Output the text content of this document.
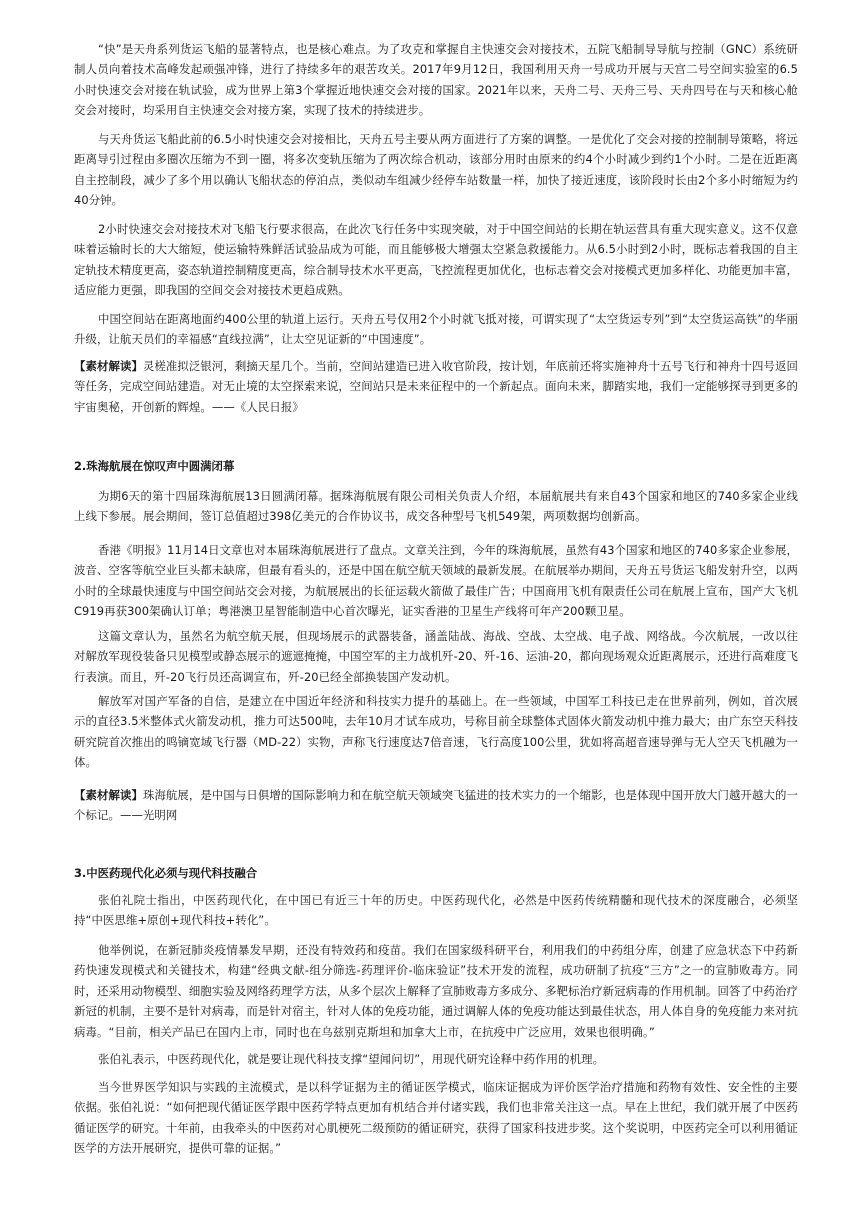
“快”是天舟系列货运飞船的显著特点，也是核心难点。为了攻克和掌握自主快速交会对接技术，五院飞船制导导航与控制（GNC）系统研制人员向着技术高峰发起顽强冲锋，进行了持续多年的艰苦攻关。2017年9月12日，我国利用天舟一号成功开展与天宫二号空间实验室的6.5小时快速交会对接在轨试验，成为世界上第3个掌握近地快速交会对接的国家。2021年以来，天舟二号、天舟三号、天舟四号在与天和核心舱交会对接时，均采用自主快速交会对接方案，实现了技术的持续进步。

与天舟货运飞船此前的6.5小时快速交会对接相比，天舟五号主要从两方面进行了方案的调整。一是优化了交会对接的控制制导策略，将远距离导引过程由多圈次压缩为不到一圈，将多次变轨压缩为了两次综合机动，该部分用时由原来的约4个小时减少到约1个小时。二是在近距离自主控制段，减少了多个用以确认飞船状态的停泊点，类似动车组减少经停车站数量一样，加快了接近速度，该阶段时长由2个多小时缩短为约40分钟。

2小时快速交会对接技术对飞船飞行要求很高，在此次飞行任务中实现突破，对于中国空间站的长期在轨运营具有重大现实意义。这不仅意味着运输时长的大大缩短，使运输特殊鲜活试验品成为可能，而且能够极大增强太空紧急救援能力。从6.5小时到2小时，既标志着我国的自主定轨技术精度更高，姿态轨道控制精度更高，综合制导技术水平更高，飞控流程更加优化，也标志着交会对接模式更加多样化、功能更加丰富，适应能力更强，即我国的空间交会对接技术更趋成熟。

中国空间站在距离地面约400公里的轨道上运行。天舟五号仅用2个小时就飞抵对接，可谓实现了“太空货运专列”到“太空货运高铁”的华丽升级，让航天员们的幸福感“直线拉满”，让太空见证新的“中国速度”。

【素材解读】灵槎准拟泛银河，剩摘天星几个。当前，空间站建造已进入收官阶段，按计划，年底前还将实施神舟十五号飞行和神舟十四号返回等任务，完成空间站建造。对无止境的太空探索来说，空间站只是未来征程中的一个新起点。面向未来，脚踏实地，我们一定能够探寻到更多的宇宙奥秘，开创新的辉煌。——《人民日报》

2.珠海航展在惊叹声中圆满闭幕

为期6天的第十四届珠海航展13日圆满闭幕。据珠海航展有限公司相关负责人介绍，本届航展共有来自43个国家和地区的740多家企业线上线下参展。展会期间，签订总值超过398亿美元的合作协议书，成交各种型号飞机549架，两项数据均创新高。

香港《明报》11月14日文章也对本届珠海航展进行了盘点。文章关注到，今年的珠海航展，虽然有43个国家和地区的740多家企业参展，波音、空客等航空业巨头都未缺席，但最有看头的，还是中国在航空航天领域的最新发展。在航展举办期间，天舟五号货运飞船发射升空，以两小时的全球最快速度与中国空间站交会对接，为航展展出的长征运载火箭做了最佳广告；中国商用飞机有限责任公司在航展上宣布，国产大飞机C919再获300架确认订单；粤港澳卫星智能制造中心首次曝光，证实香港的卫星生产线将可年产200颗卫星。

这篇文章认为，虽然名为航空航天展，但现场展示的武器装备，涵盖陆战、海战、空战、太空战、电子战、网络战。今次航展，一改以往对解放军现役装备只见模型或静态展示的遮遮掩掩，中国空军的主力战机歼-20、歼-16、运油-20，都向现场观众近距离展示，还进行高难度飞行表演。而且，歼-20飞行员还高调宣布，歼-20已经全部换装国产发动机。

解放军对国产军备的自信，是建立在中国近年经济和科技实力提升的基础上。在一些领域，中国军工科技已走在世界前列，例如，首次展示的直径3.5米整体式火箭发动机，推力可达500吨，去年10月才试车成功，号称目前全球整体式固体火箭发动机中推力最大；由广东空天科技研究院首次推出的鸣镝宽域飞行器（MD-22）实物，声称飞行速度达7倍音速，飞行高度100公里，犹如将高超音速导弹与无人空天飞机融为一体。

【素材解读】珠海航展，是中国与日俱增的国际影响力和在航空航天领域突飞猛进的技术实力的一个缩影，也是体现中国开放大门越开越大的一个标记。——光明网

3.中医药现代化必须与现代科技融合

张伯礼院士指出，中医药现代化，在中国已有近三十年的历史。中医药现代化，必然是中医药传统精髓和现代技术的深度融合，必须坚持“中医思维+原创+现代科技+转化”。

他举例说，在新冠肺炎疫情暴发早期，还没有特效药和疫苗。我们在国家级科研平台，利用我们的中药组分库，创建了应急状态下中药新药快速发现模式和关键技术，构建“经典文献-组分筛选-药理评价-临床验证”技术开发的流程，成功研制了抗疫“三方”之一的宣肺败毒方。同时，还采用动物模型、细胞实验及网络药理学方法，从多个层次上解释了宣肺败毒方多成分、多靶标治疗新冠病毒的作用机制。回答了中药治疗新冠的机制，主要不是针对病毒，而是针对宿主，针对人体的免疫功能，通过调解人体的免疫功能达到最佳状态，用人体自身的免疫能力来对抗病毒。“目前，相关产品已在国内上市，同时也在乌兹别克斯坦和加拿大上市，在抗疫中广泛应用，效果也很明确。”

张伯礼表示，中医药现代化，就是要让现代科技支撑“望闻问切”，用现代研究诠释中药作用的机理。

当今世界医学知识与实践的主流模式，是以科学证据为主的循证医学模式，临床证据成为评价医学治疗措施和药物有效性、安全性的主要依据。张伯礼说：“如何把现代循证医学跟中医药学特点更加有机结合并付诸实践，我们也非常关注这一点。早在上世纪，我们就开展了中医药循证医学的研究。十年前，由我牵头的中医药对心肌梗死二级预防的循证研究，获得了国家科技进步奖。这个奖说明，中医药完全可以利用循证医学的方法开展研究，提供可靠的证据。”
